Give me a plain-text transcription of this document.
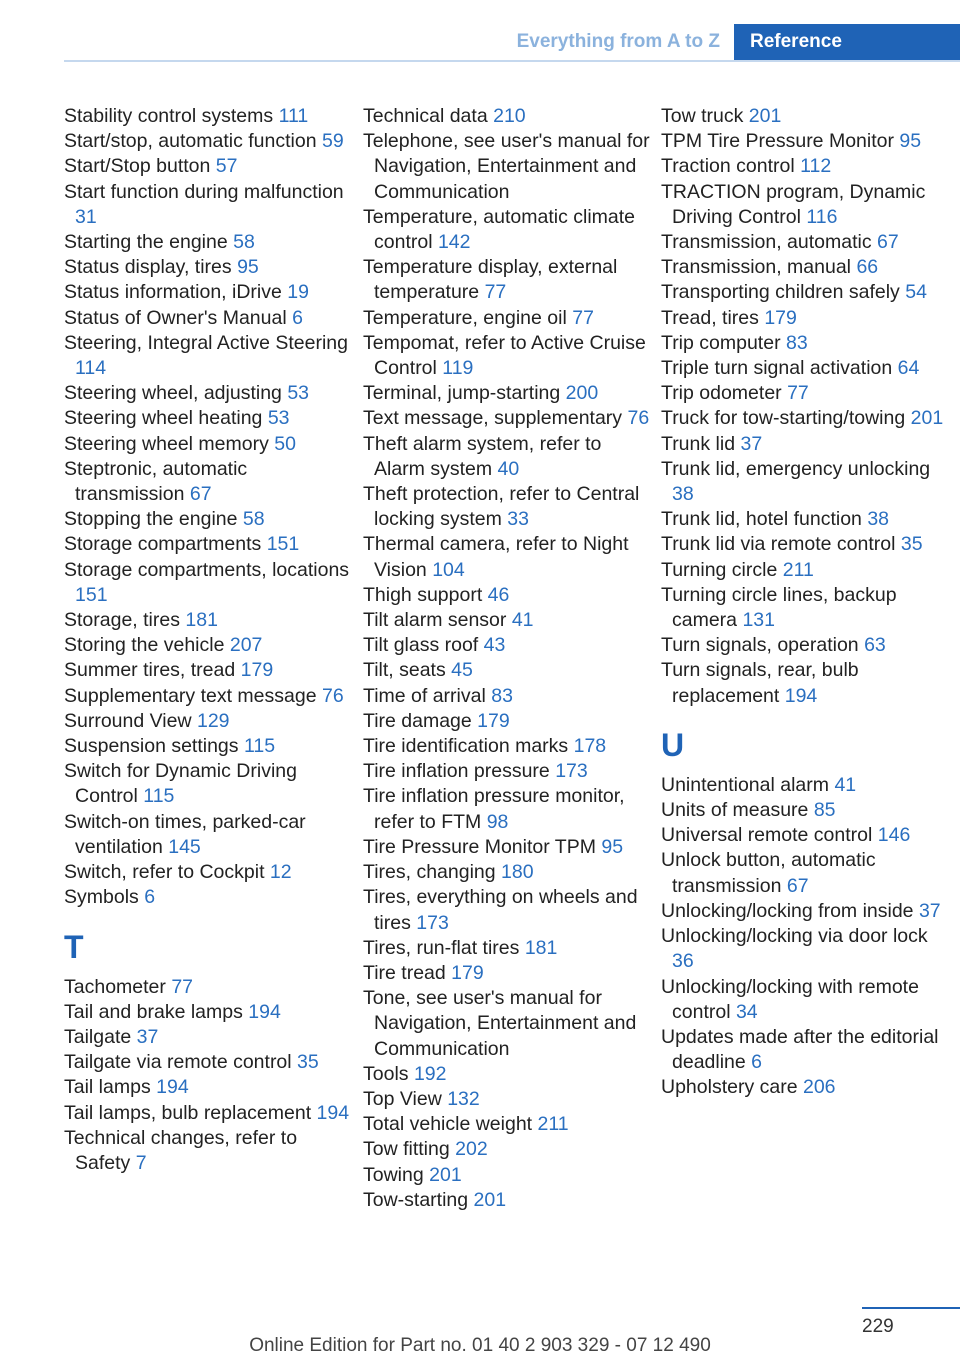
Everything from A to Z	Reference
Stability control systems 111
Start/stop, automatic function 59
Start/Stop button 57
Start function during malfunction 31
Starting the engine 58
Status display, tires 95
Status information, iDrive 19
Status of Owner's Manual 6
Steering, Integral Active Steering 114
Steering wheel, adjusting 53
Steering wheel heating 53
Steering wheel memory 50
Steptronic, automatic transmission 67
Stopping the engine 58
Storage compartments 151
Storage compartments, locations 151
Storage, tires 181
Storing the vehicle 207
Summer tires, tread 179
Supplementary text message 76
Surround View 129
Suspension settings 115
Switch for Dynamic Driving Control 115
Switch-on times, parked-car ventilation 145
Switch, refer to Cockpit 12
Symbols 6
T
Tachometer 77
Tail and brake lamps 194
Tailgate 37
Tailgate via remote control 35
Tail lamps 194
Tail lamps, bulb replacement 194
Technical changes, refer to Safety 7
Technical data 210
Telephone, see user's manual for Navigation, Entertainment and Communication
Temperature, automatic climate control 142
Temperature display, external temperature 77
Temperature, engine oil 77
Tempomat, refer to Active Cruise Control 119
Terminal, jump-starting 200
Text message, supplementary 76
Theft alarm system, refer to Alarm system 40
Theft protection, refer to Central locking system 33
Thermal camera, refer to Night Vision 104
Thigh support 46
Tilt alarm sensor 41
Tilt glass roof 43
Tilt, seats 45
Time of arrival 83
Tire damage 179
Tire identification marks 178
Tire inflation pressure 173
Tire inflation pressure monitor, refer to FTM 98
Tire Pressure Monitor TPM 95
Tires, changing 180
Tires, everything on wheels and tires 173
Tires, run-flat tires 181
Tire tread 179
Tone, see user's manual for Navigation, Entertainment and Communication
Tools 192
Top View 132
Total vehicle weight 211
Tow fitting 202
Towing 201
Tow-starting 201
Tow truck 201
TPM Tire Pressure Monitor 95
Traction control 112
TRACTION program, Dynamic Driving Control 116
Transmission, automatic 67
Transmission, manual 66
Transporting children safely 54
Tread, tires 179
Trip computer 83
Triple turn signal activation 64
Trip odometer 77
Truck for tow-starting/towing 201
Trunk lid 37
Trunk lid, emergency unlocking 38
Trunk lid, hotel function 38
Trunk lid via remote control 35
Turning circle 211
Turning circle lines, backup camera 131
Turn signals, operation 63
Turn signals, rear, bulb replacement 194
U
Unintentional alarm 41
Units of measure 85
Universal remote control 146
Unlock button, automatic transmission 67
Unlocking/locking from inside 37
Unlocking/locking via door lock 36
Unlocking/locking with remote control 34
Updates made after the editorial deadline 6
Upholstery care 206
229
Online Edition for Part no. 01 40 2 903 329 - 07 12 490
